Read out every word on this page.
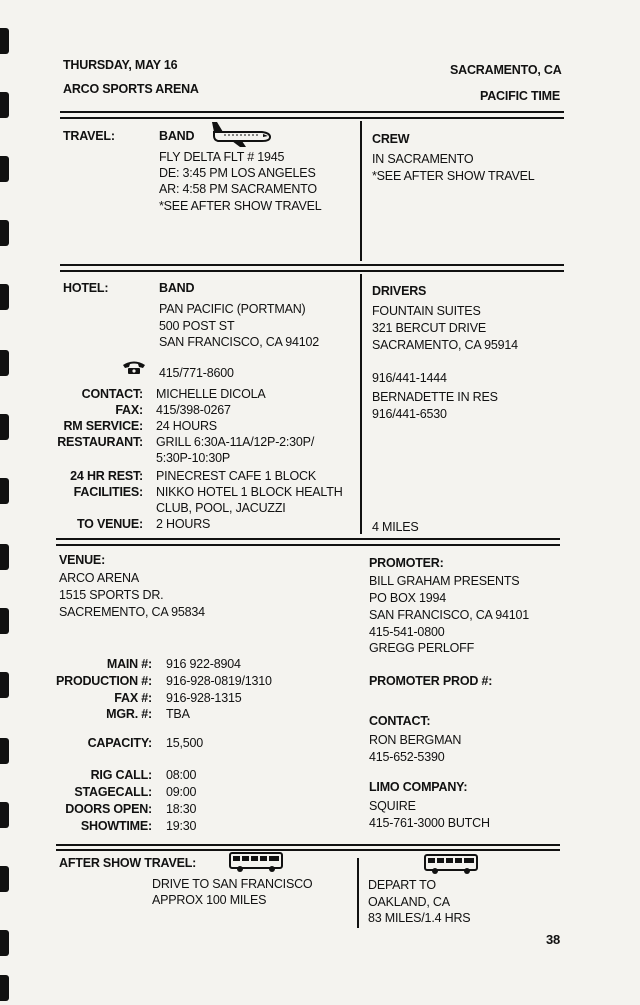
THURSDAY, MAY 16
ARCO SPORTS ARENA
SACRAMENTO, CA
PACIFIC TIME
TRAVEL:	BAND
FLY DELTA FLT # 1945
DE: 3:45 PM LOS ANGELES
AR: 4:58 PM SACRAMENTO
*SEE AFTER SHOW TRAVEL
CREW
IN SACRAMENTO
*SEE AFTER SHOW TRAVEL
HOTEL:	BAND
PAN PACIFIC (PORTMAN)
500 POST ST
SAN FRANCISCO, CA 94102
415/771-8600
CONTACT: MICHELLE DICOLA
FAX: 415/398-0267
RM SERVICE: 24 HOURS
RESTAURANT: GRILL 6:30A-11A/12P-2:30P/
5:30P-10:30P
24 HR REST: PINECREST CAFE 1 BLOCK
FACILITIES: NIKKO HOTEL 1 BLOCK HEALTH
CLUB, POOL, JACUZZI
TO VENUE: 2 HOURS
DRIVERS
FOUNTAIN SUITES
321 BERCUT DRIVE
SACRAMENTO, CA 95914
916/441-1444
BERNADETTE IN RES
916/441-6530
4 MILES
VENUE:
ARCO ARENA
1515 SPORTS DR.
SACREMENTO, CA 95834
MAIN #: 916 922-8904
PRODUCTION #: 916-928-0819/1310
FAX #: 916-928-1315
MGR. #: TBA
CAPACITY: 15,500
RIG CALL: 08:00
STAGECALL: 09:00
DOORS OPEN: 18:30
SHOWTIME: 19:30
PROMOTER:
BILL GRAHAM PRESENTS
PO BOX 1994
SAN FRANCISCO, CA 94101
415-541-0800
GREGG PERLOFF
PROMOTER PROD #:
CONTACT:
RON BERGMAN
415-652-5390
LIMO COMPANY:
SQUIRE
415-761-3000 BUTCH
AFTER SHOW TRAVEL:
DRIVE TO SAN FRANCISCO
APPROX 100 MILES
DEPART TO
OAKLAND, CA
83 MILES/1.4 HRS
38
